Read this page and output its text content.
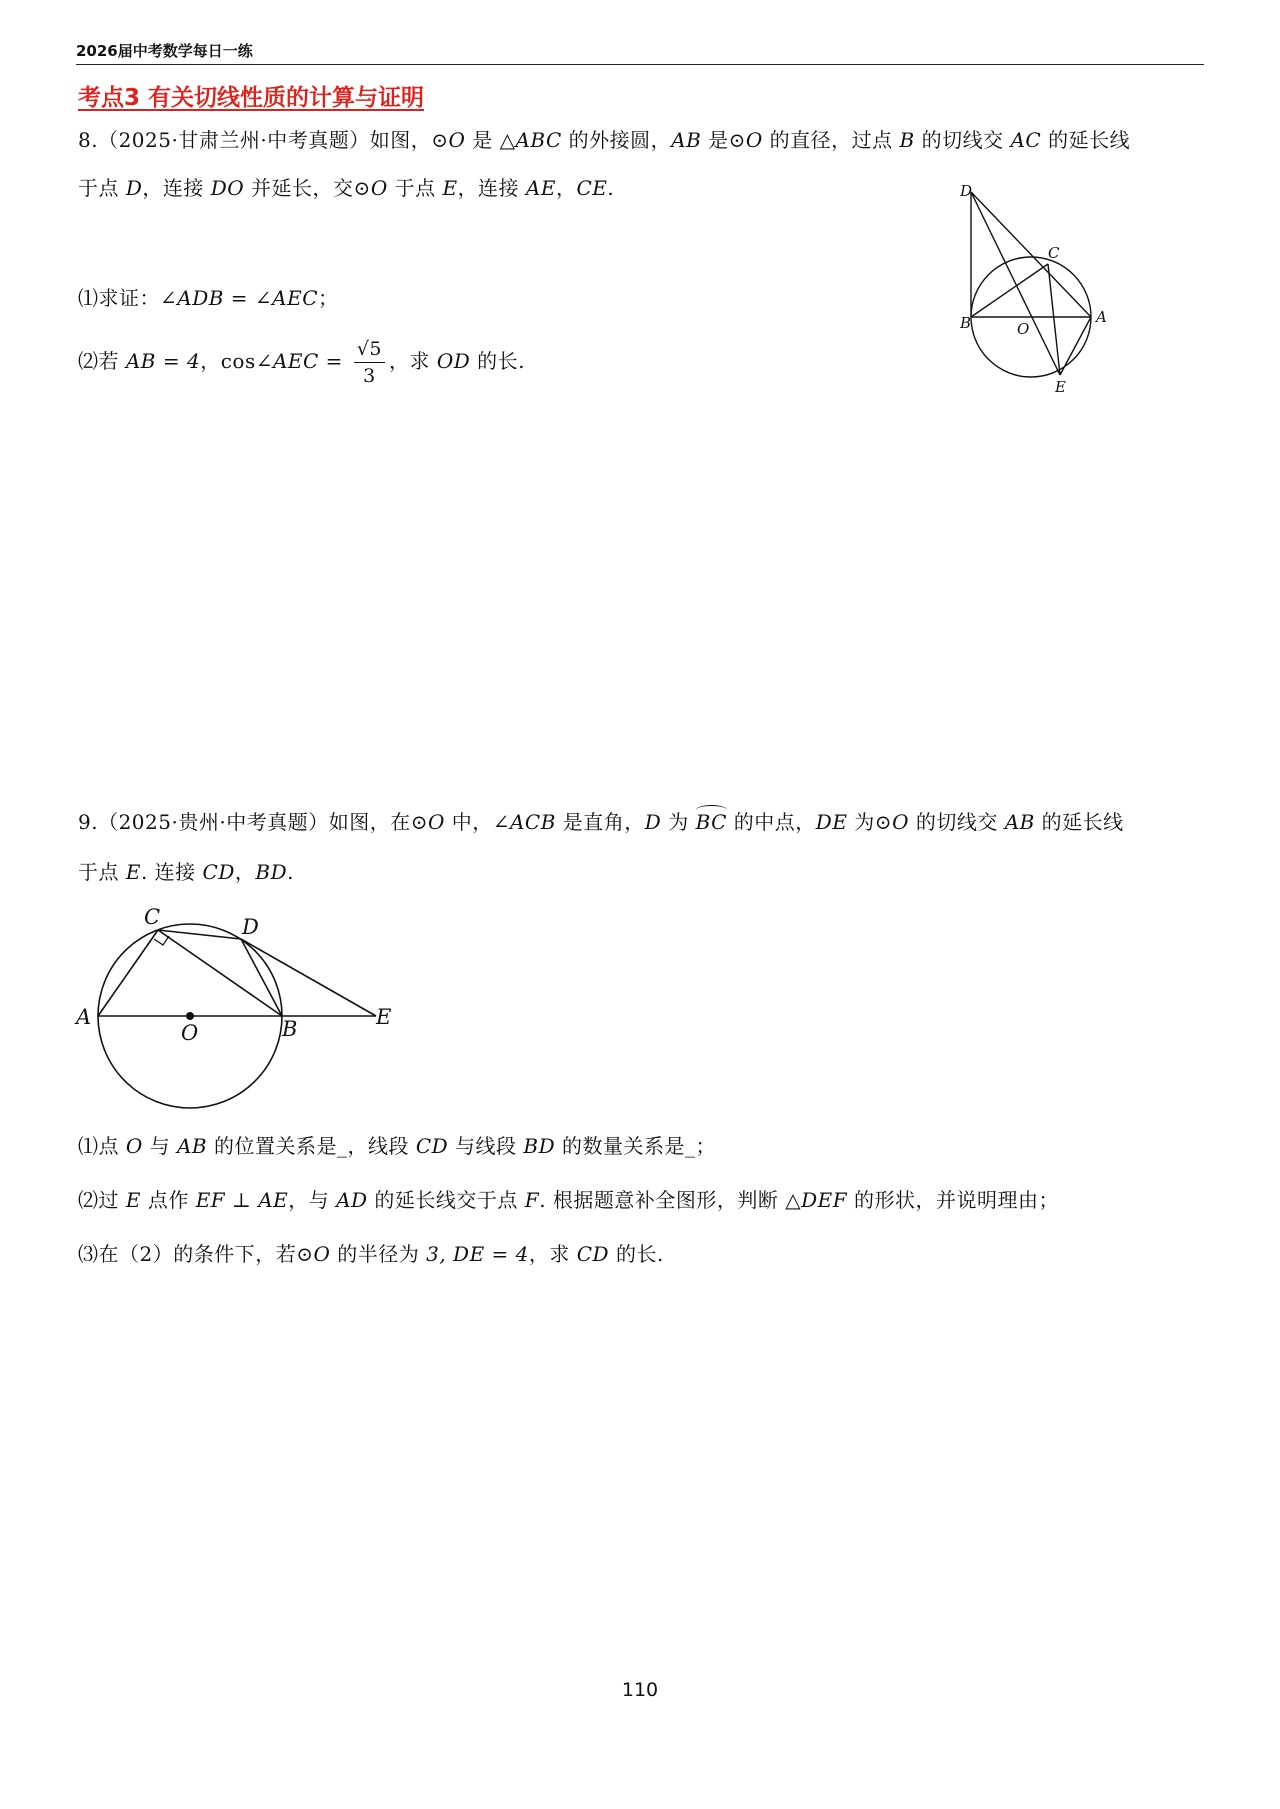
2026届中考数学每日一练
考点3 有关切线性质的计算与证明
8.（2025·甘肃兰州·中考真题）如图，⊙O 是 △ABC 的外接圆，AB 是⊙O 的直径，过点 B 的切线交 AC 的延长线
于点 D，连接 DO 并延长，交⊙O 于点 E，连接 AE，CE.
⑴求证：∠ADB = ∠AEC；
⑵若 AB = 4，cos∠AEC = $\frac{√5}{3}$ ，求 OD 的长.
D
C
B	A
O
E
9.（2025·贵州·中考真题）如图，在⊙O 中，∠ACB 是直角，D 为 BC 的中点，DE 为⊙O 的切线交 AB 的延长线
于点 E. 连接 CD，BD.
C	D
A
O	B	E
⑴点 O 与 AB 的位置关系是_，线段 CD 与线段 BD 的数量关系是_；
⑵过 E 点作 EF ⊥ AE，与 AD 的延长线交于点 F. 根据题意补全图形，判断 △DEF 的形状，并说明理由；
⑶在（2）的条件下，若⊙O 的半径为 3, DE = 4，求 CD 的长.
110
